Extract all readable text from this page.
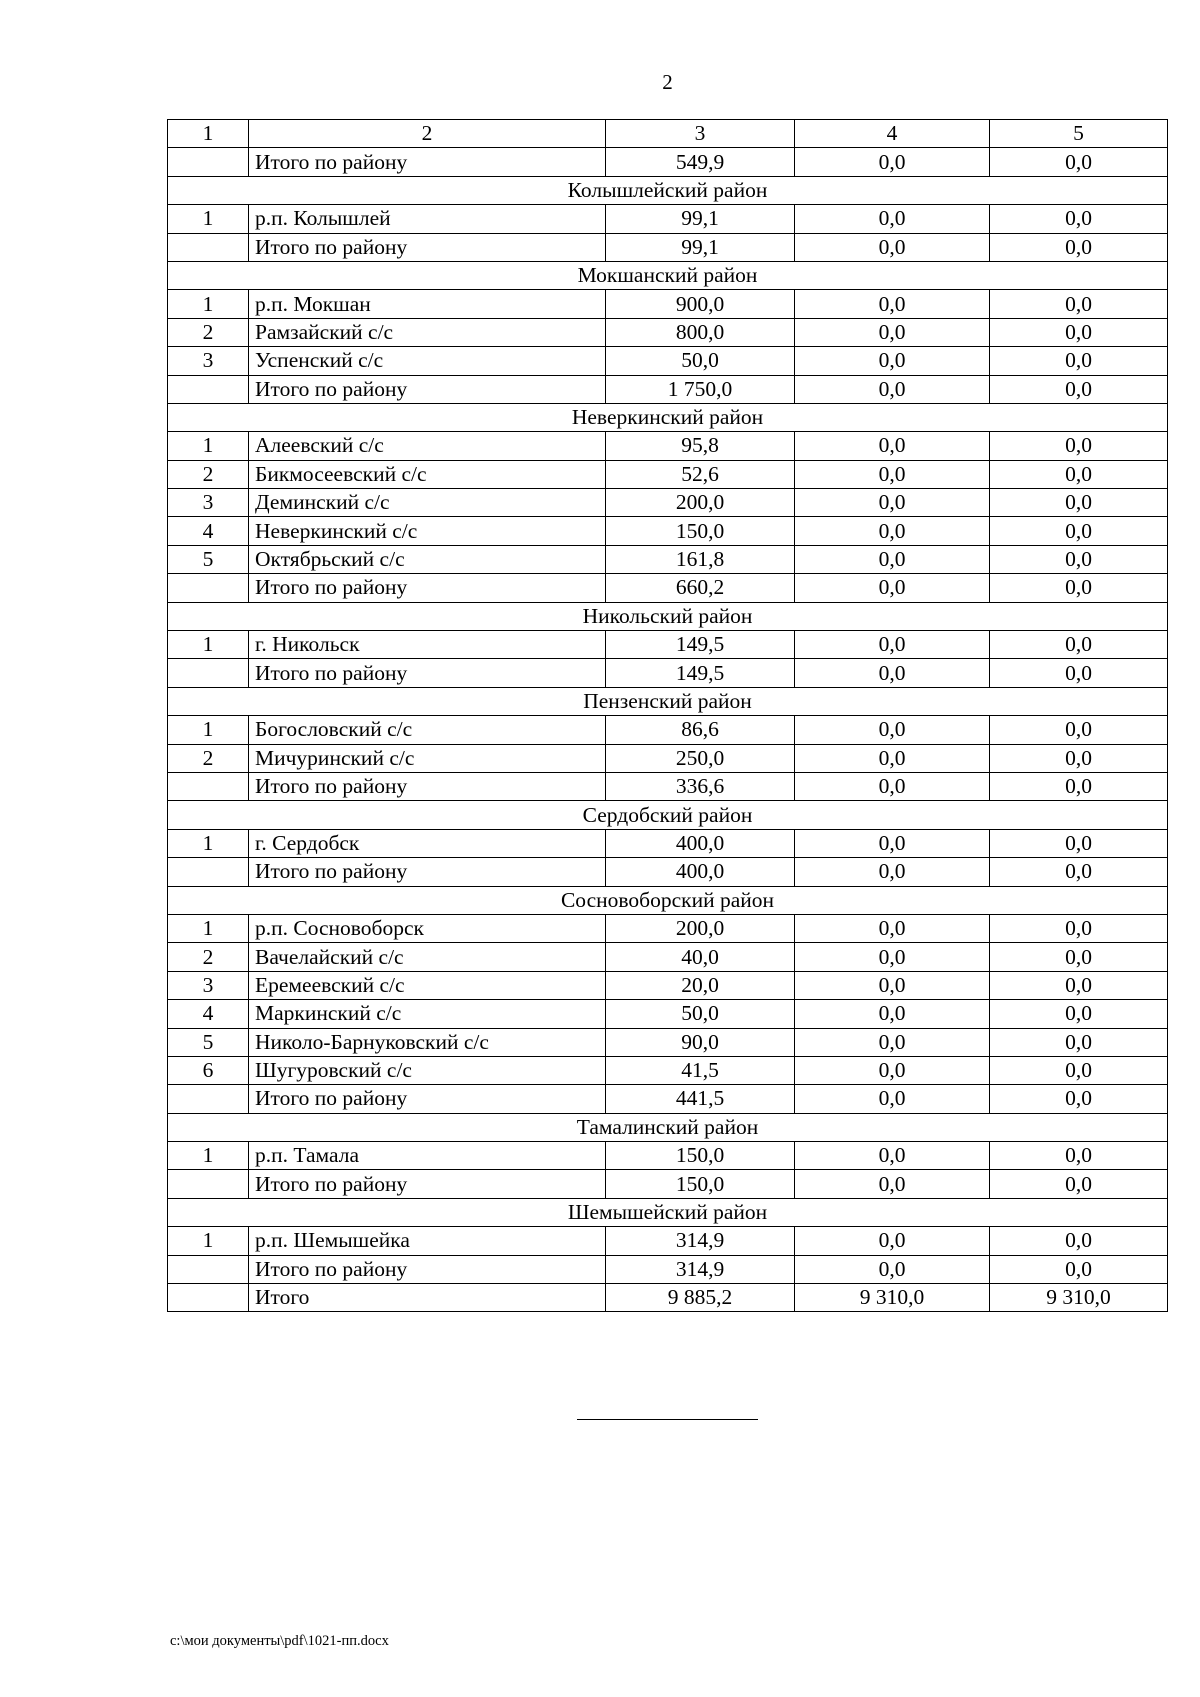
2
1	2	3	4	5
	Итого по району	549,9	0,0	0,0
Колышлейский район				
1	р.п. Колышлей	99,1	0,0	0,0
	Итого по району	99,1	0,0	0,0
Мокшанский район				
1	р.п. Мокшан	900,0	0,0	0,0
2	Рамзайский с/с	800,0	0,0	0,0
3	Успенский с/с	50,0	0,0	0,0
	Итого по району	1 750,0	0,0	0,0
Неверкинский район				
1	Алеевский с/с	95,8	0,0	0,0
2	Бикмосеевский с/с	52,6	0,0	0,0
3	Деминский с/с	200,0	0,0	0,0
4	Неверкинский с/с	150,0	0,0	0,0
5	Октябрьский с/с	161,8	0,0	0,0
	Итого по району	660,2	0,0	0,0
Никольский район				
1	г. Никольск	149,5	0,0	0,0
	Итого по району	149,5	0,0	0,0
Пензенский район				
1	Богословский с/с	86,6	0,0	0,0
2	Мичуринский с/с	250,0	0,0	0,0
	Итого по району	336,6	0,0	0,0
Сердобский район				
1	г. Сердобск	400,0	0,0	0,0
	Итого по району	400,0	0,0	0,0
Сосновоборский район				
1	р.п. Сосновоборск	200,0	0,0	0,0
2	Вачелайский с/с	40,0	0,0	0,0
3	Еремеевский с/с	20,0	0,0	0,0
4	Маркинский с/с	50,0	0,0	0,0
5	Николо-Барнуковский с/с	90,0	0,0	0,0
6	Шугуровский с/с	41,5	0,0	0,0
	Итого по району	441,5	0,0	0,0
Тамалинский район				
1	р.п. Тамала	150,0	0,0	0,0
	Итого по району	150,0	0,0	0,0
Шемышейский район				
1	р.п. Шемышейка	314,9	0,0	0,0
	Итого по району	314,9	0,0	0,0
	Итого	9 885,2	9 310,0	9 310,0
c:\мои документы\pdf\1021-пп.docx
